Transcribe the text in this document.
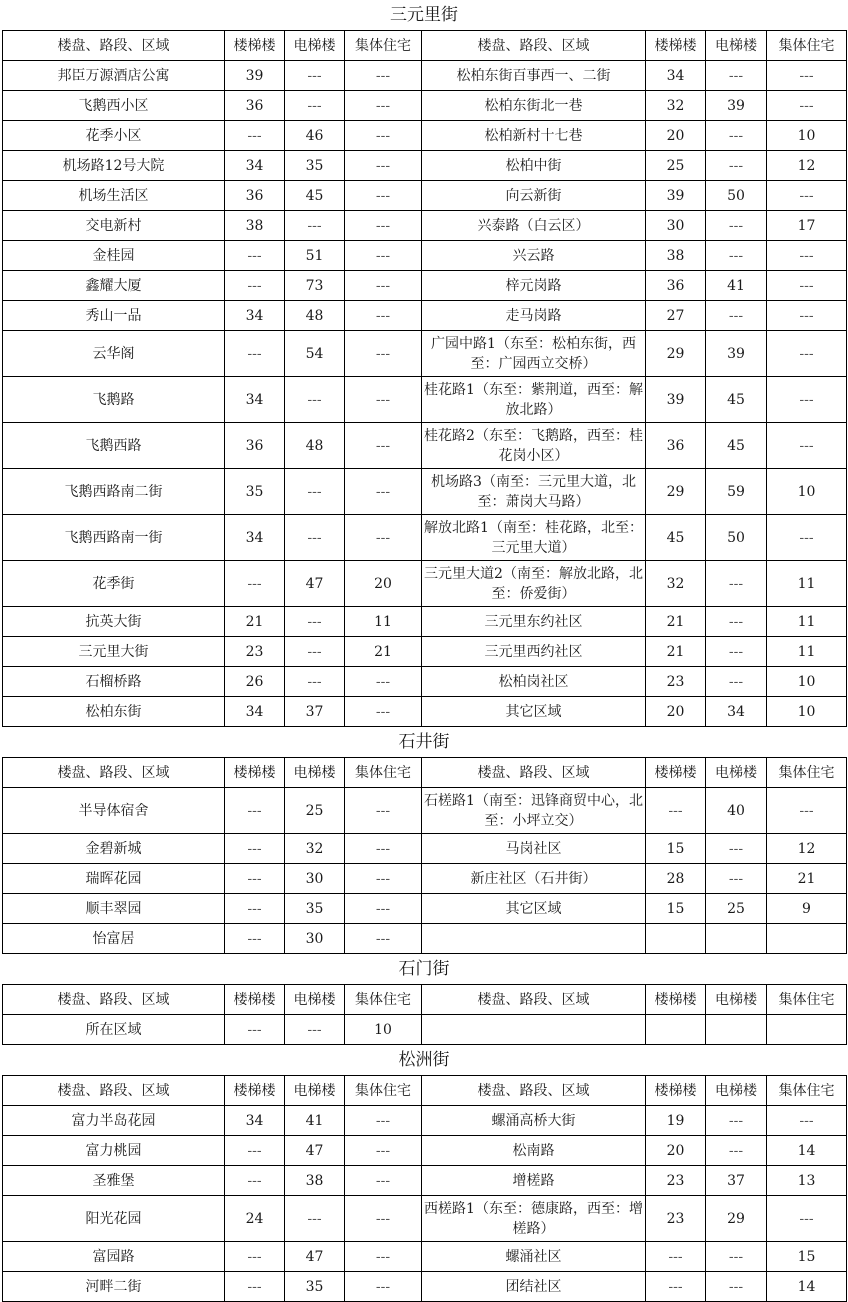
三元里街
楼盘、路段、区域	楼梯楼	电梯楼	集体住宅	楼盘、路段、区域	楼梯楼	电梯楼	集体住宅
邦臣万源酒店公寓	39	---	---	松柏东街百事西一、二街	34	---	---
飞鹅西小区	36	---	---	松柏东街北一巷	32	39	---
花季小区	---	46	---	松柏新村十七巷	20	---	10
机场路12号大院	34	35	---	松柏中街	25	---	12
机场生活区	36	45	---	向云新街	39	50	---
交电新村	38	---	---	兴泰路（白云区）	30	---	17
金桂园	---	51	---	兴云路	38	---	---
鑫耀大厦	---	73	---	梓元岗路	36	41	---
秀山一品	34	48	---	走马岗路	27	---	---
云华阁	---	54	---	广园中路1（东至：松柏东街，西至：广园西立交桥）	29	39	---
飞鹅路	34	---	---	桂花路1（东至：紫荆道，西至：解放北路）	39	45	---
飞鹅西路	36	48	---	桂花路2（东至：飞鹅路，西至：桂花岗小区）	36	45	---
飞鹅西路南二街	35	---	---	机场路3（南至：三元里大道，北至：萧岗大马路）	29	59	10
飞鹅西路南一街	34	---	---	解放北路1（南至：桂花路，北至：三元里大道）	45	50	---
花季街	---	47	20	三元里大道2（南至：解放北路，北至：侨爱街）	32	---	11
抗英大街	21	---	11	三元里东约社区	21	---	11
三元里大街	23	---	21	三元里西约社区	21	---	11
石榴桥路	26	---	---	松柏岗社区	23	---	10
松柏东街	34	37	---	其它区域	20	34	10
石井街
楼盘、路段、区域	楼梯楼	电梯楼	集体住宅	楼盘、路段、区域	楼梯楼	电梯楼	集体住宅
半导体宿舍	---	25	---	石槎路1（南至：迅锋商贸中心，北至：小坪立交）	---	40	---
金碧新城	---	32	---	马岗社区	15	---	12
瑞晖花园	---	30	---	新庄社区（石井街）	28	---	21
顺丰翠园	---	35	---	其它区域	15	25	9
怡富居	---	30	---				
石门街
楼盘、路段、区域	楼梯楼	电梯楼	集体住宅	楼盘、路段、区域	楼梯楼	电梯楼	集体住宅
所在区域	---	---	10				
松洲街
楼盘、路段、区域	楼梯楼	电梯楼	集体住宅	楼盘、路段、区域	楼梯楼	电梯楼	集体住宅
富力半岛花园	34	41	---	螺涌高桥大街	19	---	---
富力桃园	---	47	---	松南路	20	---	14
圣雅堡	---	38	---	增槎路	23	37	13
阳光花园	24	---	---	西槎路1（东至：德康路，西至：增槎路）	23	29	---
富园路	---	47	---	螺涌社区	---	---	15
河畔二街	---	35	---	团结社区	---	---	14
